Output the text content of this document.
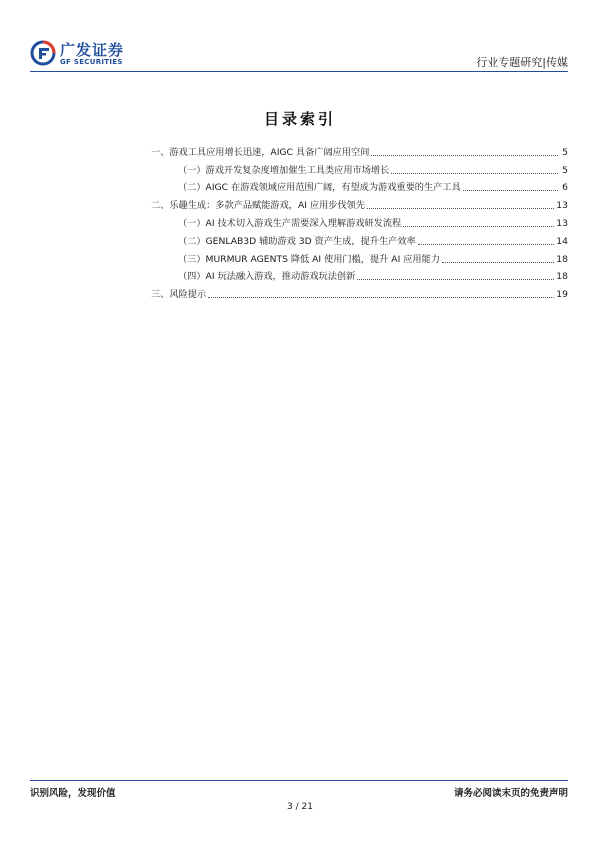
广发证券
GF SECURITIES	行业专题研究|传媒
目录索引
一、游戏工具应用增长迅速，AIGC 具备广阔应用空间	5
（一）游戏开发复杂度增加催生工具类应用市场增长	5
（二）AIGC 在游戏领域应用范围广阔，有望成为游戏重要的生产工具	6
二、乐趣生成：多款产品赋能游戏，AI 应用步伐领先	13
（一）AI 技术切入游戏生产需要深入理解游戏研发流程	13
（二）GENLAB3D 辅助游戏 3D 资产生成，提升生产效率	14
（三）MURMUR AGENTS 降低 AI 使用门槛，提升 AI 应用能力	18
（四）AI 玩法融入游戏，推动游戏玩法创新	18
三、风险提示	19
识别风险，发现价值	请务必阅读末页的免责声明
3 / 21
